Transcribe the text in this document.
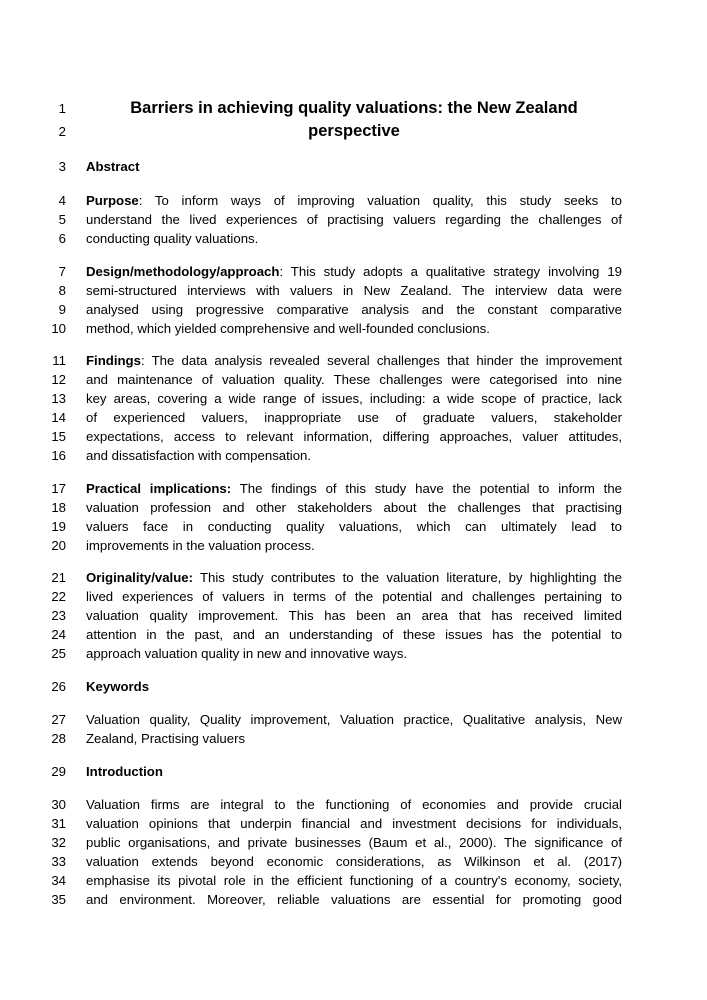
1	Barriers in achieving quality valuations: the New Zealand
2	perspective
3 Abstract
4 Purpose: To inform ways of improving valuation quality, this study seeks to
5 understand the lived experiences of practising valuers regarding the challenges of
6 conducting quality valuations.
7 Design/methodology/approach: This study adopts a qualitative strategy involving 19
8 semi-structured interviews with valuers in New Zealand. The interview data were
9 analysed using progressive comparative analysis and the constant comparative
10 method, which yielded comprehensive and well-founded conclusions.
11 Findings: The data analysis revealed several challenges that hinder the improvement
12 and maintenance of valuation quality. These challenges were categorised into nine
13 key areas, covering a wide range of issues, including: a wide scope of practice, lack
14 of experienced valuers, inappropriate use of graduate valuers, stakeholder
15 expectations, access to relevant information, differing approaches, valuer attitudes,
16 and dissatisfaction with compensation.
17 Practical implications: The findings of this study have the potential to inform the
18 valuation profession and other stakeholders about the challenges that practising
19 valuers face in conducting quality valuations, which can ultimately lead to
20 improvements in the valuation process.
21 Originality/value: This study contributes to the valuation literature, by highlighting the
22 lived experiences of valuers in terms of the potential and challenges pertaining to
23 valuation quality improvement. This has been an area that has received limited
24 attention in the past, and an understanding of these issues has the potential to
25 approach valuation quality in new and innovative ways.
26 Keywords
27 Valuation quality, Quality improvement, Valuation practice, Qualitative analysis, New
28 Zealand, Practising valuers
29 Introduction
30 Valuation firms are integral to the functioning of economies and provide crucial
31 valuation opinions that underpin financial and investment decisions for individuals,
32 public organisations, and private businesses (Baum et al., 2000). The significance of
33 valuation extends beyond economic considerations, as Wilkinson et al. (2017)
34 emphasise its pivotal role in the efficient functioning of a country's economy, society,
35 and environment. Moreover, reliable valuations are essential for promoting good
